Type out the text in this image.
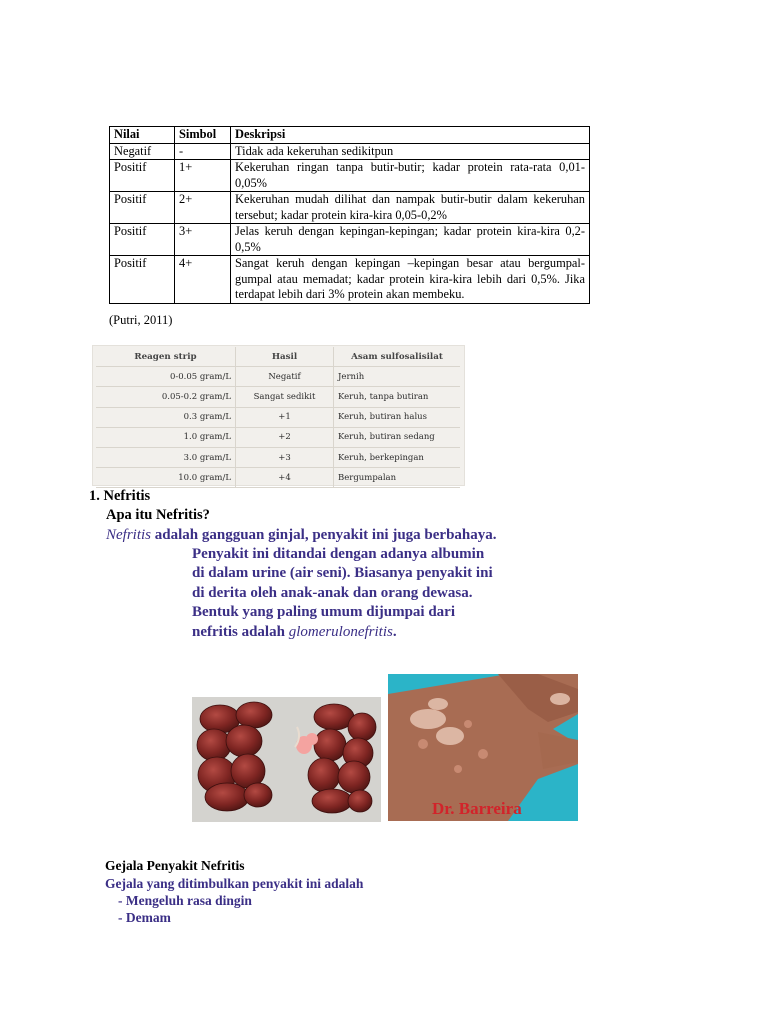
Nilai	Simbol	Deskripsi
Negatif	-	Tidak ada kekeruhan sedikitpun
Positif	1+	Kekeruhan ringan tanpa butir-butir; kadar protein rata-rata 0,01-0,05%
Positif	2+	Kekeruhan mudah dilihat dan nampak butir-butir dalam kekeruhan tersebut; kadar protein kira-kira 0,05-0,2%
Positif	3+	Jelas keruh dengan kepingan-kepingan; kadar protein kira-kira 0,2-0,5%
Positif	4+	Sangat keruh dengan kepingan –kepingan besar atau bergumpal-gumpal atau memadat; kadar protein kira-kira lebih dari 0,5%. Jika terdapat lebih dari 3% protein akan membeku.
(Putri, 2011)
Reagen strip	Hasil	Asam sulfosalisilat
0-0.05 gram/L	Negatif	Jernih
0.05-0.2 gram/L	Sangat sedikit	Keruh, tanpa butiran
0.3 gram/L	+1	Keruh, butiran halus
1.0 gram/L	+2	Keruh, butiran sedang
3.0 gram/L	+3	Keruh, berkepingan
10.0 gram/L	+4	Bergumpalan
1. Nefritis
Apa itu Nefritis?
Nefritis adalah gangguan ginjal, penyakit ini juga berbahaya.
Penyakit ini ditandai dengan adanya albumin
di dalam urine (air seni). Biasanya penyakit ini
di derita oleh anak-anak dan orang dewasa.
Bentuk yang paling umum dijumpai dari
nefritis adalah glomerulonefritis.
Dr. Barreira
Gejala Penyakit Nefritis
Gejala yang ditimbulkan penyakit ini adalah
- Mengeluh rasa dingin
- Demam
